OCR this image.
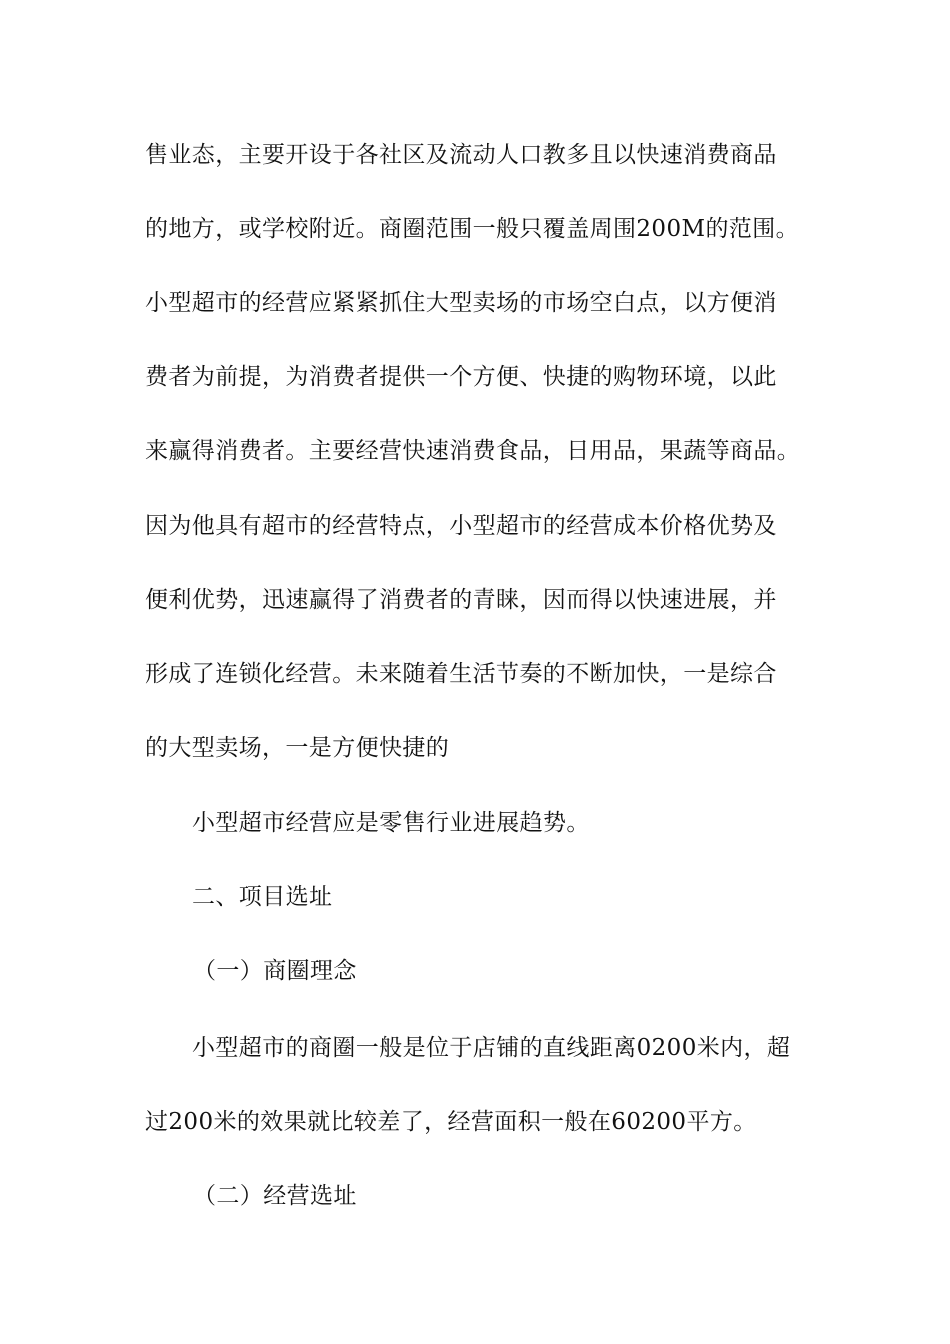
售业态，主要开设于各社区及流动人口教多且以快速消费商品
的地方，或学校附近。商圈范围一般只覆盖周围200M的范围。
小型超市的经营应紧紧抓住大型卖场的市场空白点，以方便消
费者为前提，为消费者提供一个方便、快捷的购物环境，以此
来赢得消费者。主要经营快速消费食品，日用品，果蔬等商品。
因为他具有超市的经营特点，小型超市的经营成本价格优势及
便利优势，迅速赢得了消费者的青睐，因而得以快速进展，并
形成了连锁化经营。未来随着生活节奏的不断加快，一是综合
的大型卖场，一是方便快捷的
小型超市经营应是零售行业进展趋势。
二、项目选址
（一）商圈理念
小型超市的商圈一般是位于店铺的直线距离0200米内，超
过200米的效果就比较差了，经营面积一般在60200平方。
（二）经营选址
